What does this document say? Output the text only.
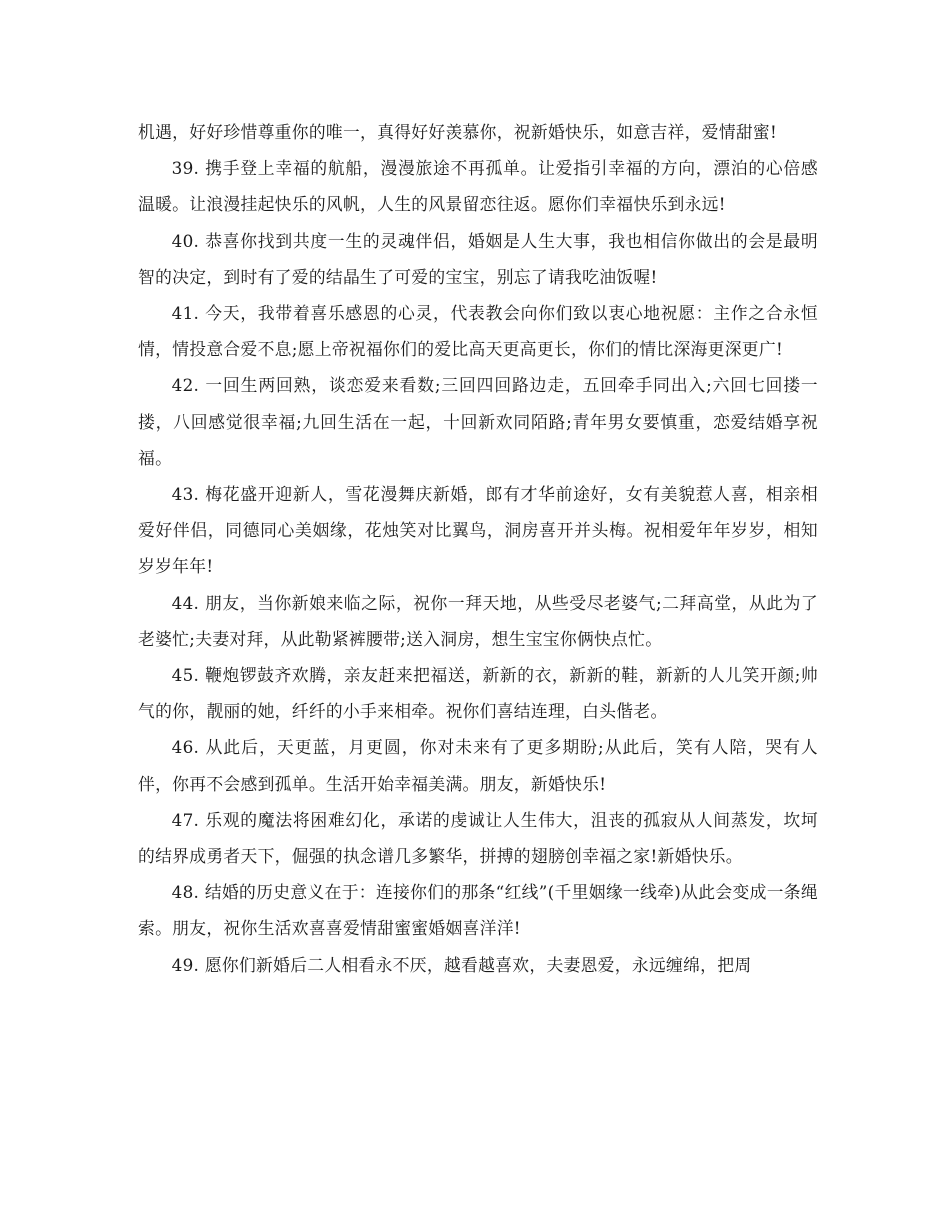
机遇，好好珍惜尊重你的唯一，真得好好羡慕你，祝新婚快乐，如意吉祥，爱情甜蜜!

39. 携手登上幸福的航船，漫漫旅途不再孤单。让爱指引幸福的方向，漂泊的心倍感温暖。让浪漫挂起快乐的风帆，人生的风景留恋往返。愿你们幸福快乐到永远!

40. 恭喜你找到共度一生的灵魂伴侣，婚姻是人生大事，我也相信你做出的会是最明智的决定，到时有了爱的结晶生了可爱的宝宝，别忘了请我吃油饭喔!

41. 今天，我带着喜乐感恩的心灵，代表教会向你们致以衷心地祝愿：主作之合永恒情，情投意合爱不息;愿上帝祝福你们的爱比高天更高更长，你们的情比深海更深更广!

42. 一回生两回熟，谈恋爱来看数;三回四回路边走，五回牵手同出入;六回七回搂一搂，八回感觉很幸福;九回生活在一起，十回新欢同陌路;青年男女要慎重，恋爱结婚享祝福。

43. 梅花盛开迎新人，雪花漫舞庆新婚，郎有才华前途好，女有美貌惹人喜，相亲相爱好伴侣，同德同心美姻缘，花烛笑对比翼鸟，洞房喜开并头梅。祝相爱年年岁岁，相知岁岁年年!

44. 朋友，当你新娘来临之际，祝你一拜天地，从些受尽老婆气;二拜高堂，从此为了老婆忙;夫妻对拜，从此勒紧裤腰带;送入洞房，想生宝宝你俩快点忙。

45. 鞭炮锣鼓齐欢腾，亲友赶来把福送，新新的衣，新新的鞋，新新的人儿笑开颜;帅气的你，靓丽的她，纤纤的小手来相牵。祝你们喜结连理，白头偕老。

46. 从此后，天更蓝，月更圆，你对未来有了更多期盼;从此后，笑有人陪，哭有人伴，你再不会感到孤单。生活开始幸福美满。朋友，新婚快乐!

47. 乐观的魔法将困难幻化，承诺的虔诚让人生伟大，沮丧的孤寂从人间蒸发，坎坷的结界成勇者天下，倔强的执念谱几多繁华，拼搏的翅膀创幸福之家!新婚快乐。

48. 结婚的历史意义在于：连接你们的那条“红线”(千里姻缘一线牵)从此会变成一条绳索。朋友，祝你生活欢喜喜爱情甜蜜蜜婚姻喜洋洋!

49. 愿你们新婚后二人相看永不厌，越看越喜欢，夫妻恩爱，永远缠绵，把周
